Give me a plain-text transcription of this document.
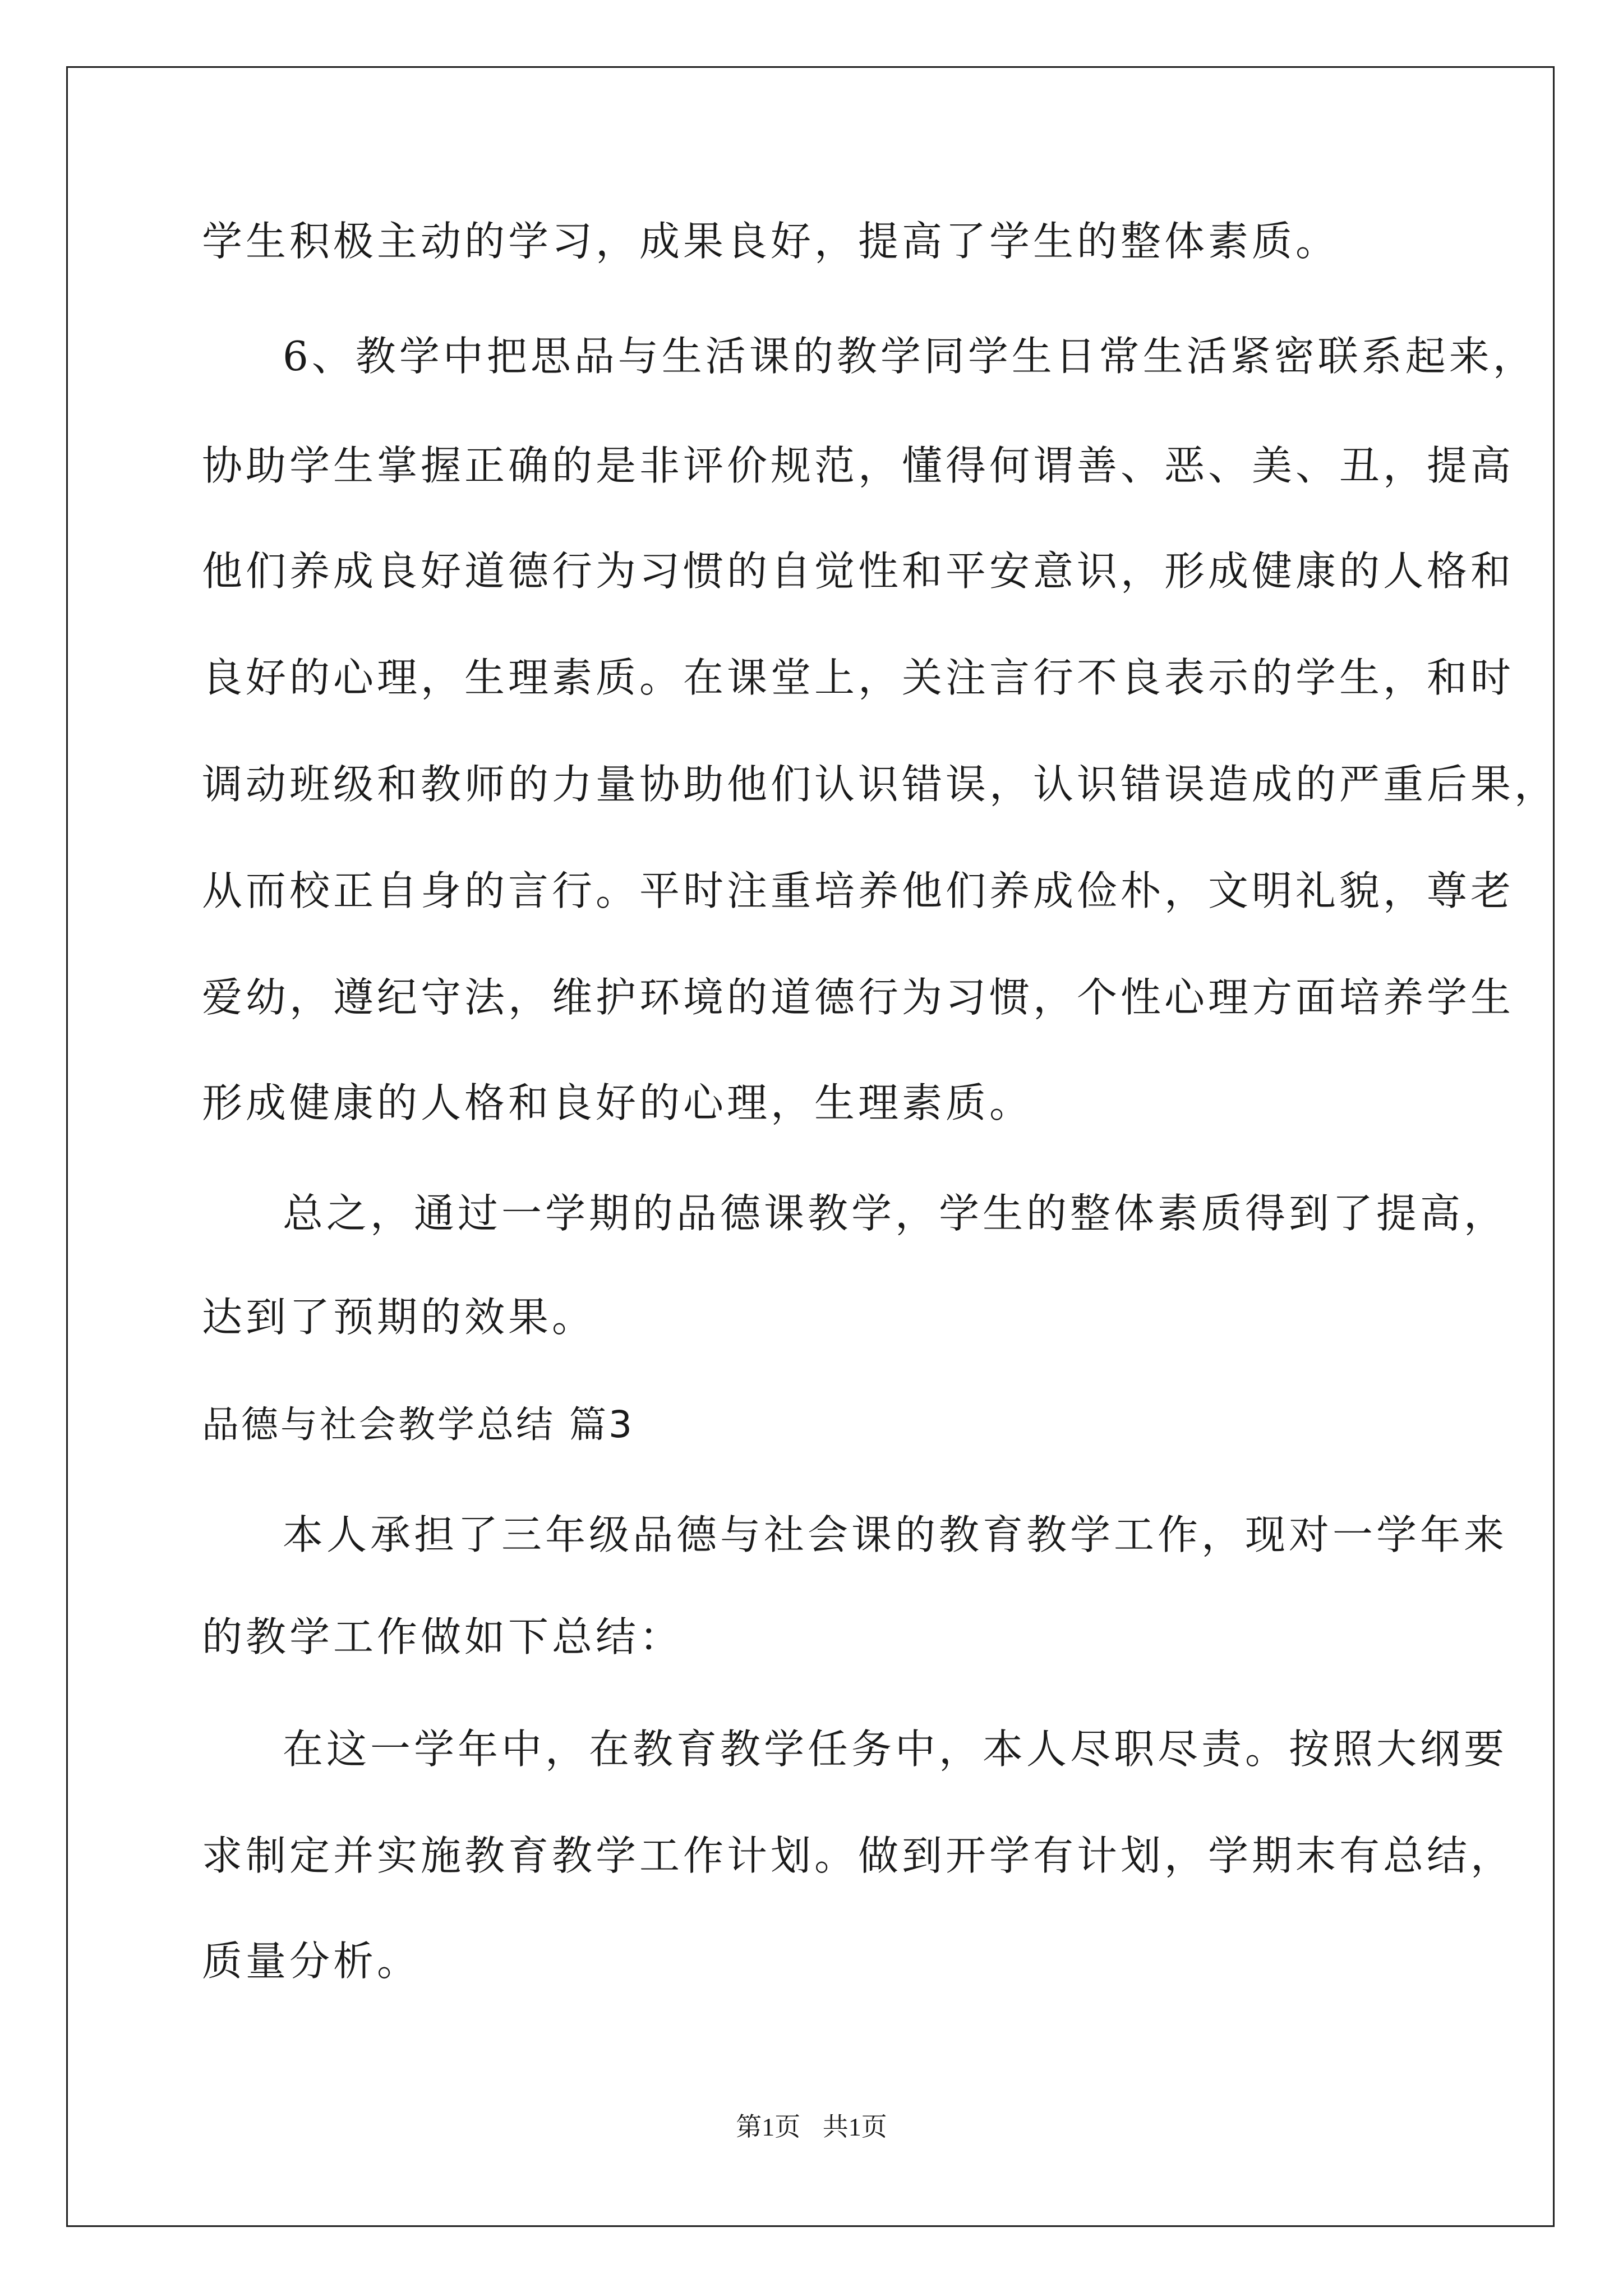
学生积极主动的学习，成果良好，提高了学生的整体素质。
6、教学中把思品与生活课的教学同学生日常生活紧密联系起来，
协助学生掌握正确的是非评价规范，懂得何谓善、恶、美、丑，提高
他们养成良好道德行为习惯的自觉性和平安意识，形成健康的人格和
良好的心理，生理素质。在课堂上，关注言行不良表示的学生，和时
调动班级和教师的力量协助他们认识错误，认识错误造成的严重后果，
从而校正自身的言行。平时注重培养他们养成俭朴，文明礼貌，尊老
爱幼，遵纪守法，维护环境的道德行为习惯，个性心理方面培养学生
形成健康的人格和良好的心理，生理素质。
总之，通过一学期的品德课教学，学生的整体素质得到了提高，
达到了预期的效果。
品德与社会教学总结 篇3
本人承担了三年级品德与社会课的教育教学工作，现对一学年来
的教学工作做如下总结：
在这一学年中，在教育教学任务中，本人尽职尽责。按照大纲要
求制定并实施教育教学工作计划。做到开学有计划，学期末有总结，
质量分析。
第1页 共1页
